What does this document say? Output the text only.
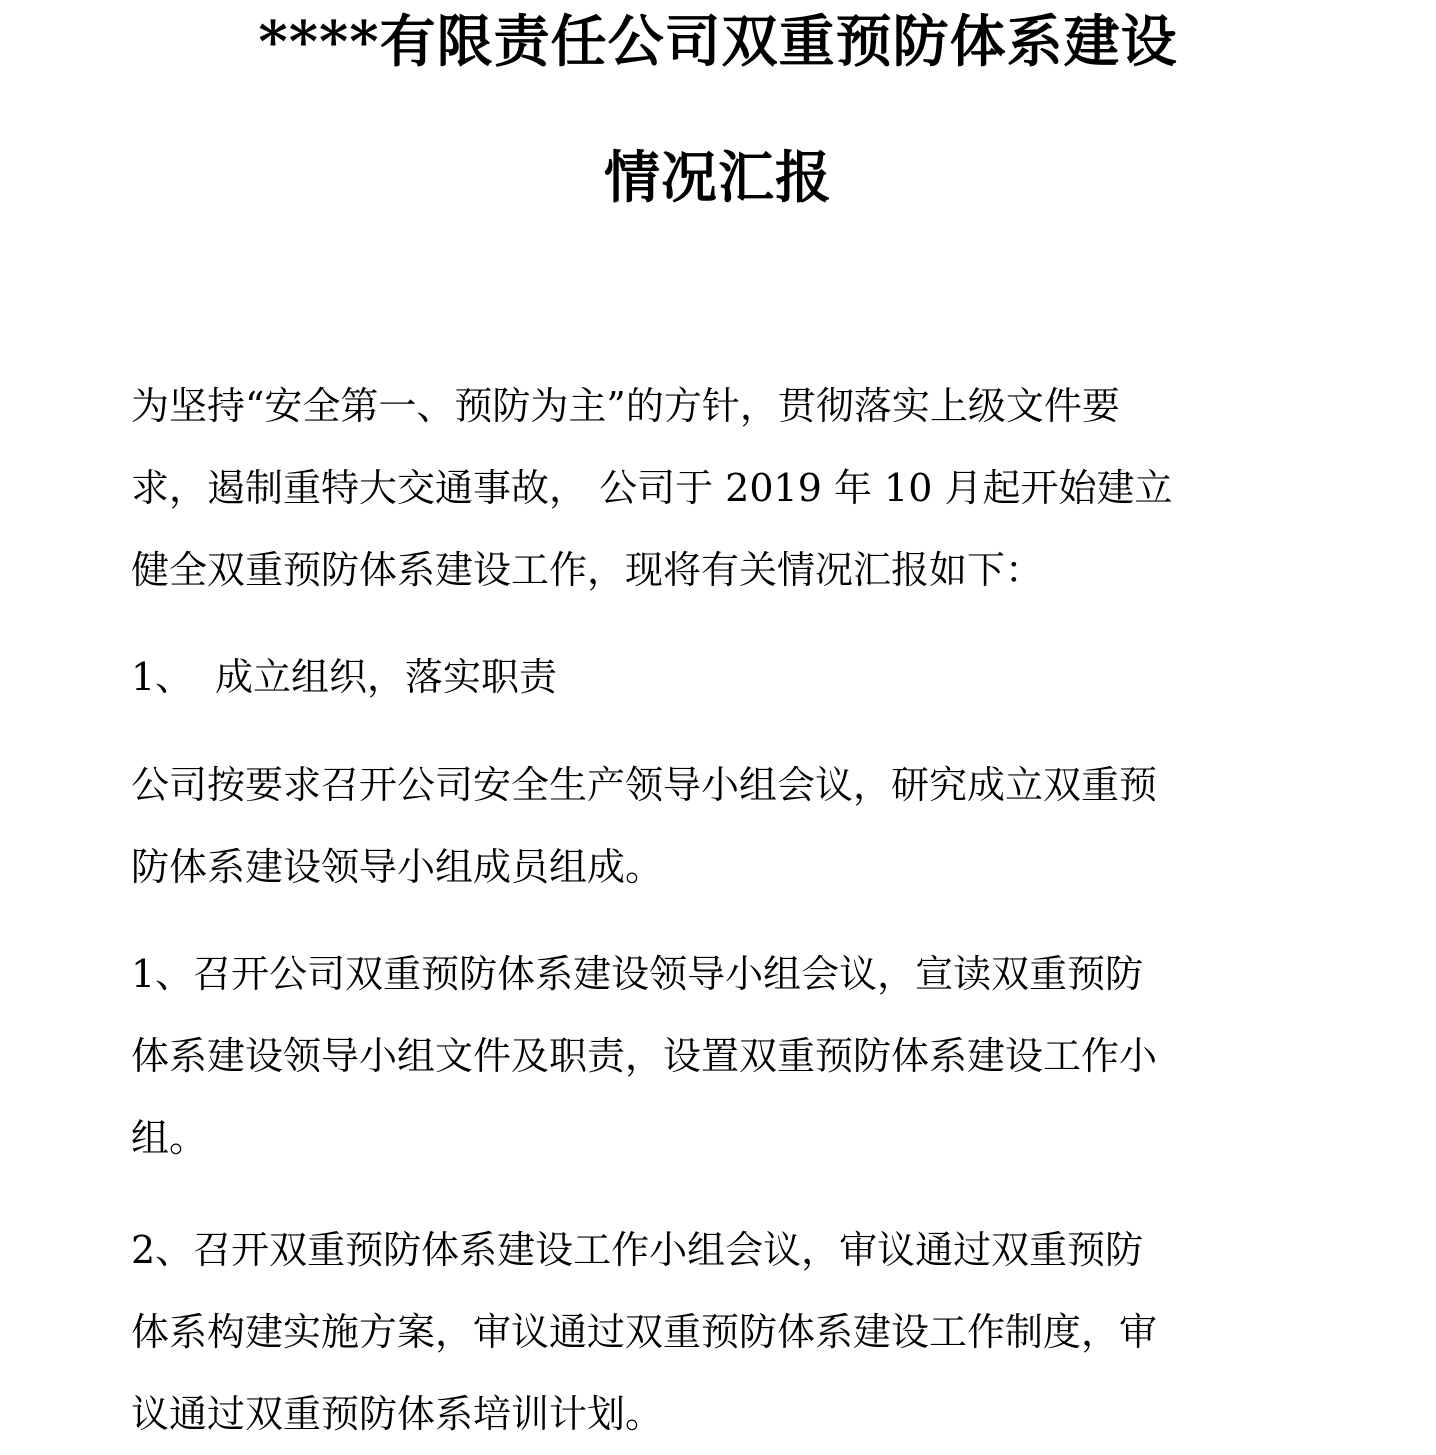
****有限责任公司双重预防体系建设
情况汇报
为坚持“安全第一、预防为主”的方针，贯彻落实上级文件要
求，遏制重特大交通事故， 公司于 2019 年 10 月起开始建立
健全双重预防体系建设工作，现将有关情况汇报如下：
1、 成立组织，落实职责
公司按要求召开公司安全生产领导小组会议，研究成立双重预
防体系建设领导小组成员组成。
1、召开公司双重预防体系建设领导小组会议，宣读双重预防
体系建设领导小组文件及职责，设置双重预防体系建设工作小
组。
2、召开双重预防体系建设工作小组会议，审议通过双重预防
体系构建实施方案，审议通过双重预防体系建设工作制度，审
议通过双重预防体系培训计划。
